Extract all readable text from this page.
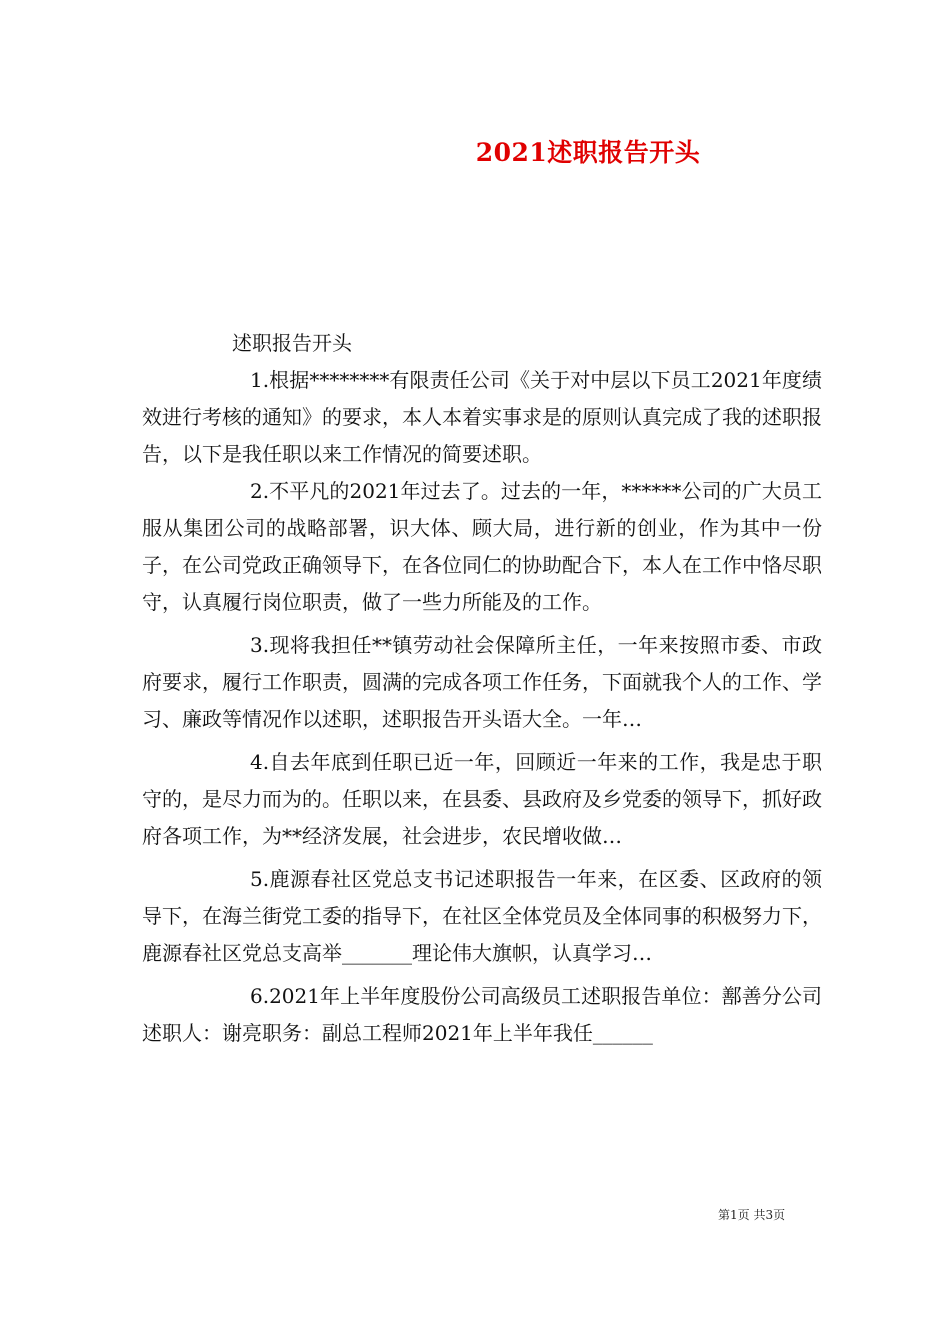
2021述职报告开头
述职报告开头

1.根据********有限责任公司《关于对中层以下员工2021年度绩效进行考核的通知》的要求，本人本着实事求是的原则认真完成了我的述职报告，以下是我任职以来工作情况的简要述职。

2.不平凡的2021年过去了。过去的一年，******公司的广大员工服从集团公司的战略部署，识大体、顾大局，进行新的创业，作为其中一份子，在公司党政正确领导下，在各位同仁的协助配合下，本人在工作中恪尽职守，认真履行岗位职责，做了一些力所能及的工作。

3.现将我担任**镇劳动社会保障所主任，一年来按照市委、市政府要求，履行工作职责，圆满的完成各项工作任务，下面就我个人的工作、学习、廉政等情况作以述职，述职报告开头语大全。一年…

4.自去年底到任职已近一年，回顾近一年来的工作，我是忠于职守的，是尽力而为的。任职以来，在县委、县政府及乡党委的领导下，抓好政府各项工作，为**经济发展，社会进步，农民增收做…

5.鹿源春社区党总支书记述职报告一年来，在区委、区政府的领导下，在海兰街党工委的指导下，在社区全体党员及全体同事的积极努力下，鹿源春社区党总支高举_______理论伟大旗帜，认真学习…

6.2021年上半年度股份公司高级员工述职报告单位：鄯善分公司述职人：谢亮职务：副总工程师2021年上半年我任______

第1页 共3页
